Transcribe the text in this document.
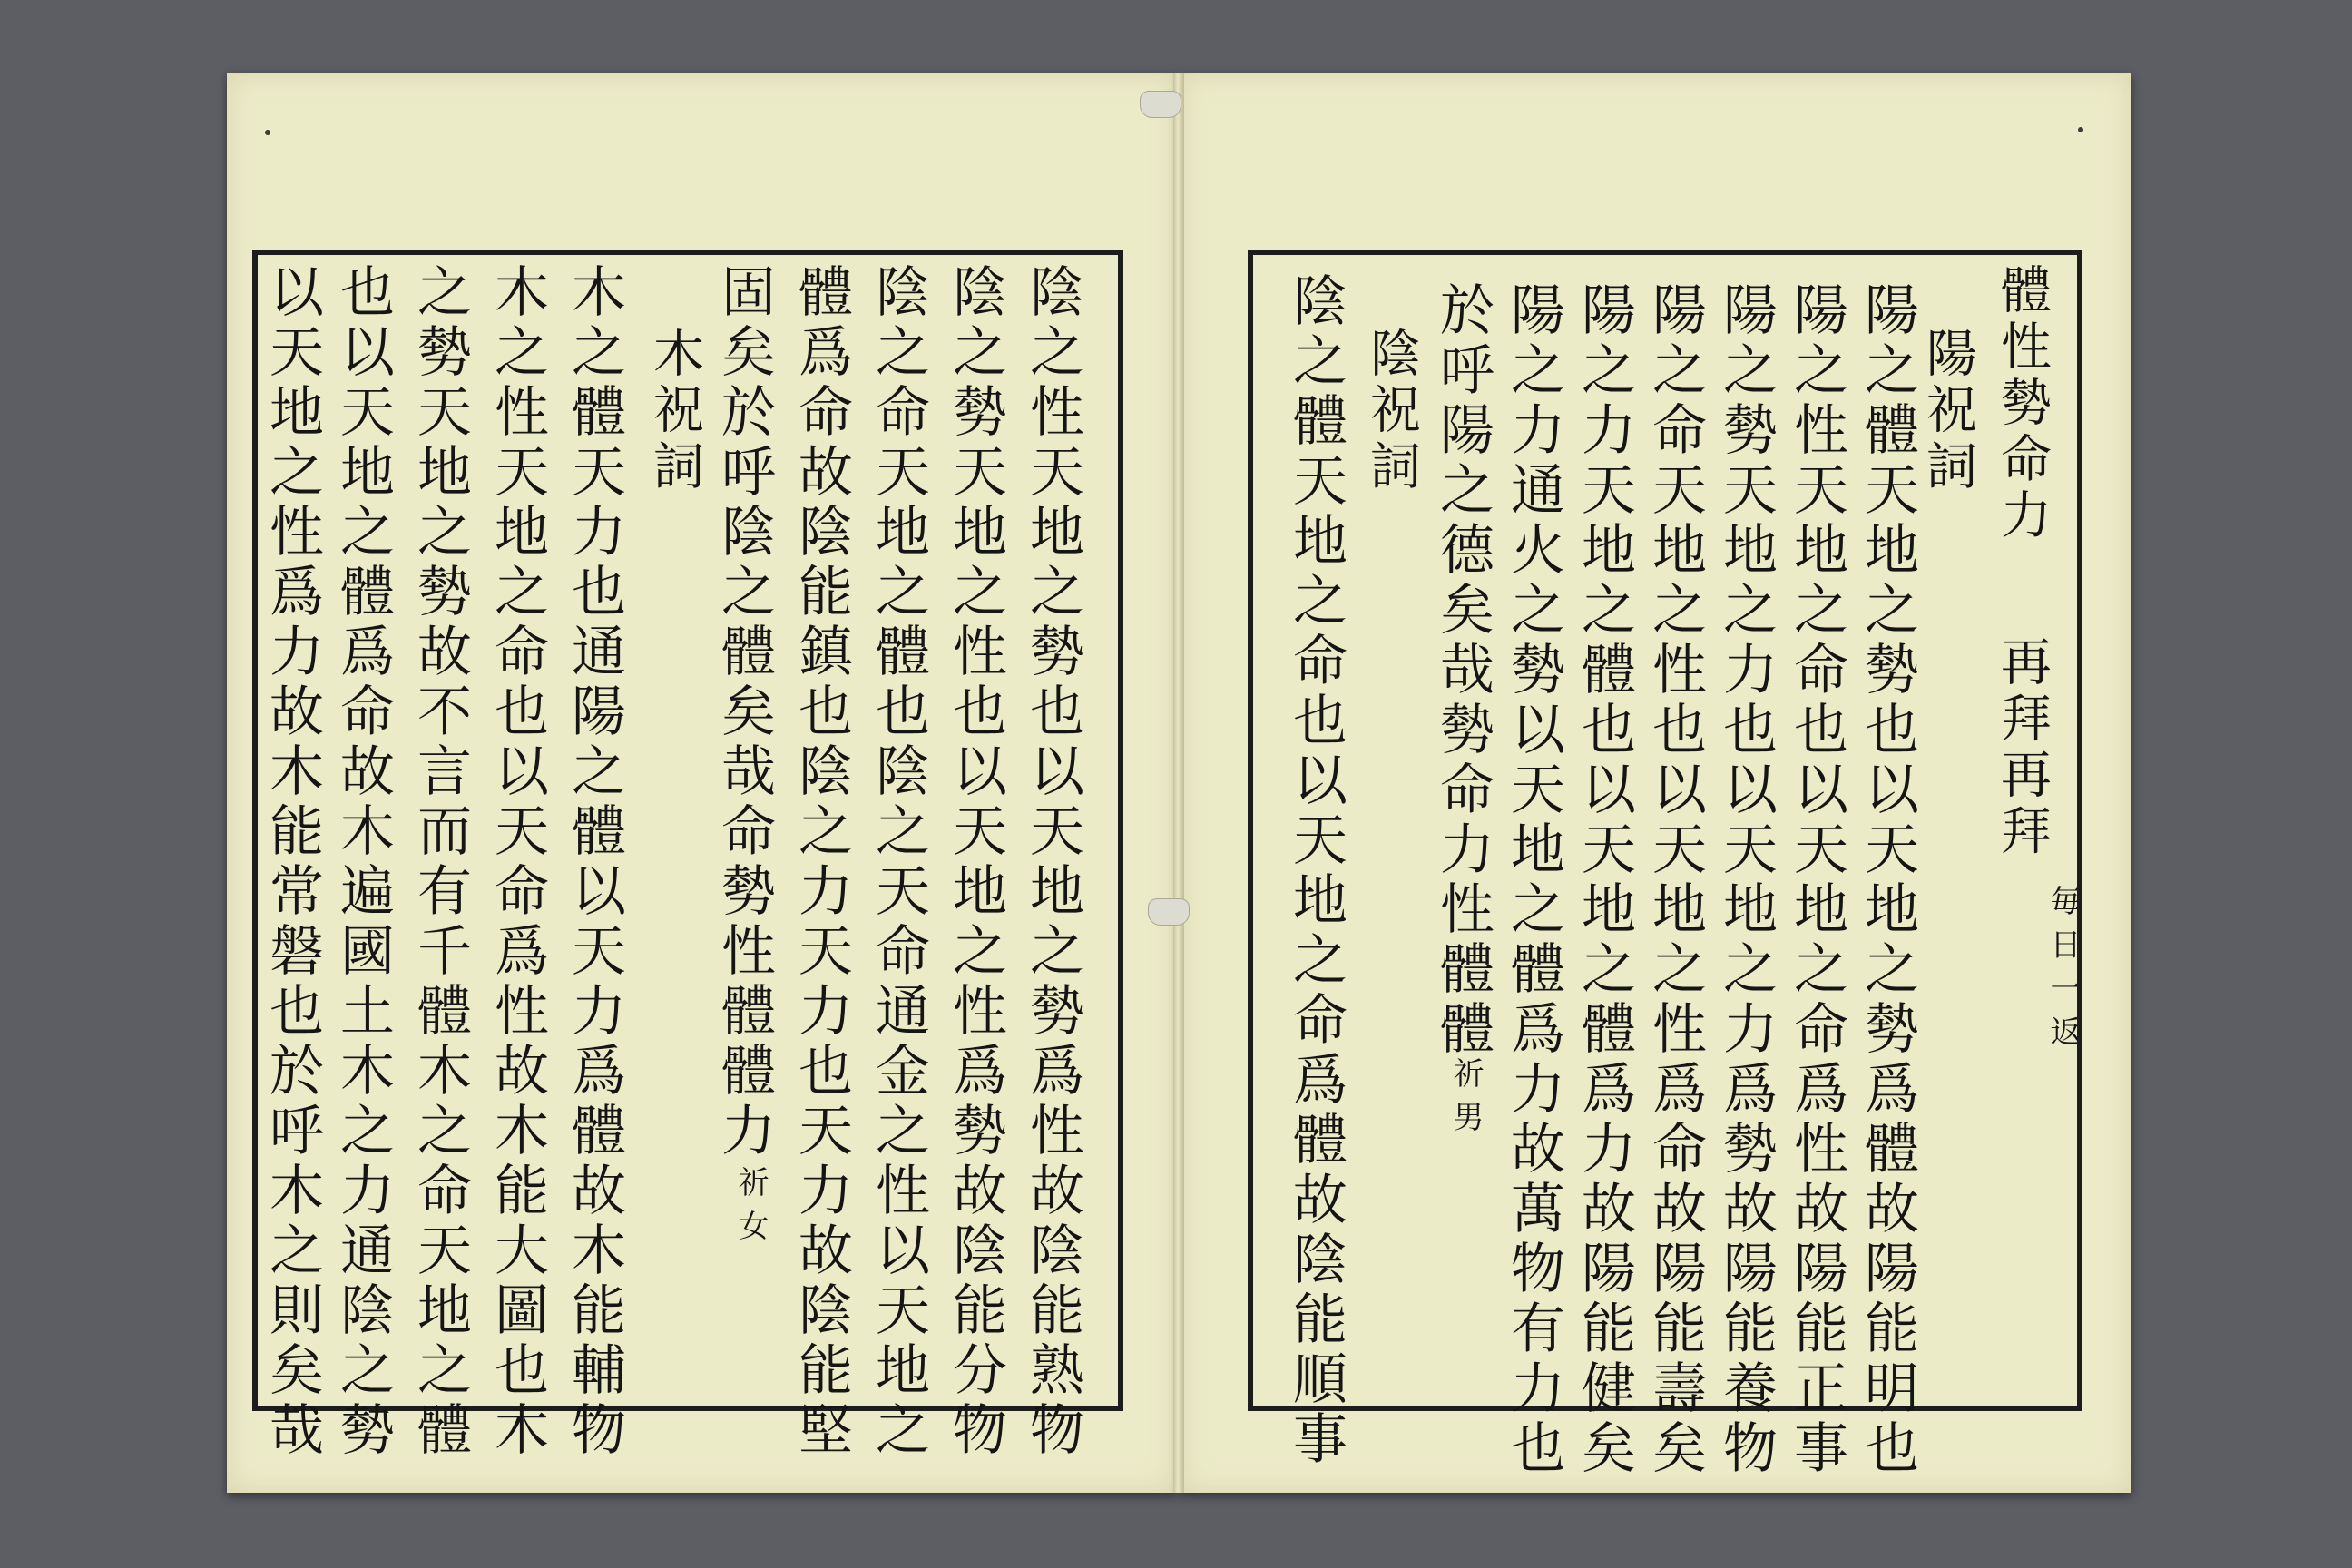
陰之性天地之勢也以天地之勢爲性故陰能熟物
陰之勢天地之性也以天地之性爲勢故陰能分物
陰之命天地之體也陰之天命通金之性以天地之
體爲命故陰能鎮也陰之力天力也天力故陰能堅
固矣於呼陰之體矣哉命勢性體體力
祈女
木祝詞
木之體天力也通陽之體以天力爲體故木能輔物
木之性天地之命也以天命爲性故木能大圖也木
之勢天地之勢故不言而有千體木之命天地之體
也以天地之體爲命故木遍國土木之力通陰之勢
以天地之性爲力故木能常磐也於呼木之則矣哉	體性勢命力
再拜再拜
毎日一返
陽祝詞
陽之體天地之勢也以天地之勢爲體故陽能明也
陽之性天地之命也以天地之命爲性故陽能正事
陽之勢天地之力也以天地之力爲勢故陽能養物
陽之命天地之性也以天地之性爲命故陽能壽矣
陽之力天地之體也以天地之體爲力故陽能健矣
陽之力通火之勢以天地之體爲力故萬物有力也
於呼陽之德矣哉勢命力性體體
祈男
陰祝詞
陰之體天地之命也以天地之命爲體故陰能順事
